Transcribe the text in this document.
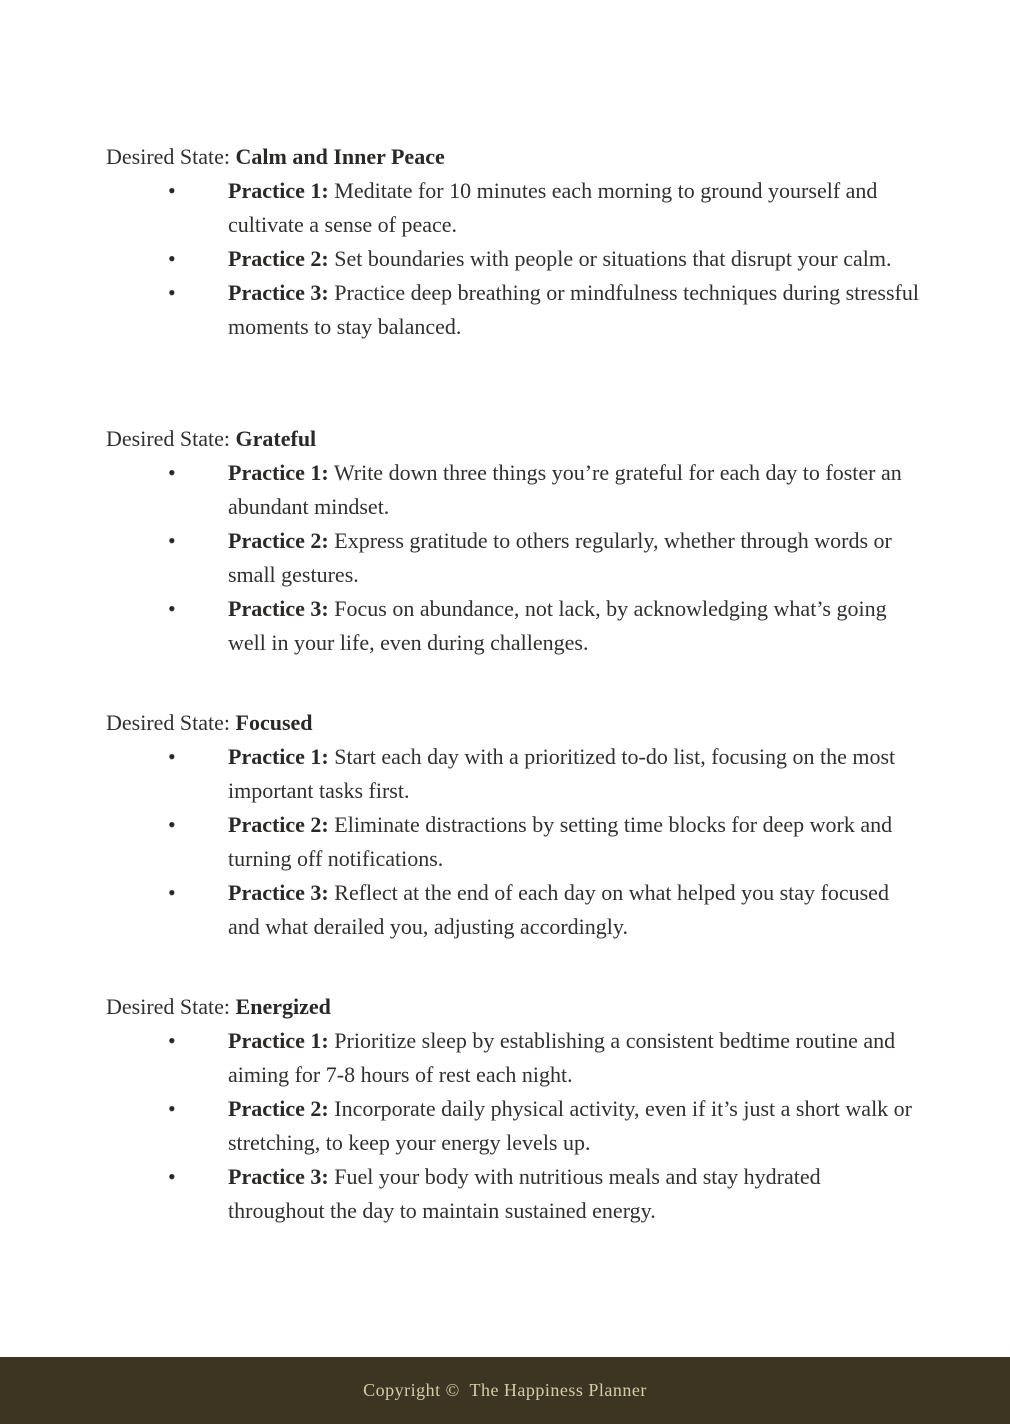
Desired State: Calm and Inner Peace

•	Practice 1: Meditate for 10 minutes each morning to ground yourself and cultivate a sense of peace.

•	Practice 2: Set boundaries with people or situations that disrupt your calm.

•	Practice 3: Practice deep breathing or mindfulness techniques during stressful moments to stay balanced.

Desired State: Grateful

•	Practice 1: Write down three things you’re grateful for each day to foster an abundant mindset.

•	Practice 2: Express gratitude to others regularly, whether through words or small gestures.

•	Practice 3: Focus on abundance, not lack, by acknowledging what’s going well in your life, even during challenges.

Desired State: Focused

•	Practice 1: Start each day with a prioritized to-do list, focusing on the most important tasks first.

•	Practice 2: Eliminate distractions by setting time blocks for deep work and turning off notifications.

•	Practice 3: Reflect at the end of each day on what helped you stay focused and what derailed you, adjusting accordingly.

Desired State: Energized

•	Practice 1: Prioritize sleep by establishing a consistent bedtime routine and aiming for 7-8 hours of rest each night.

•	Practice 2: Incorporate daily physical activity, even if it’s just a short walk or stretching, to keep your energy levels up.

•	Practice 3: Fuel your body with nutritious meals and stay hydrated throughout the day to maintain sustained energy.

Copyright ©  The Happiness Planner
